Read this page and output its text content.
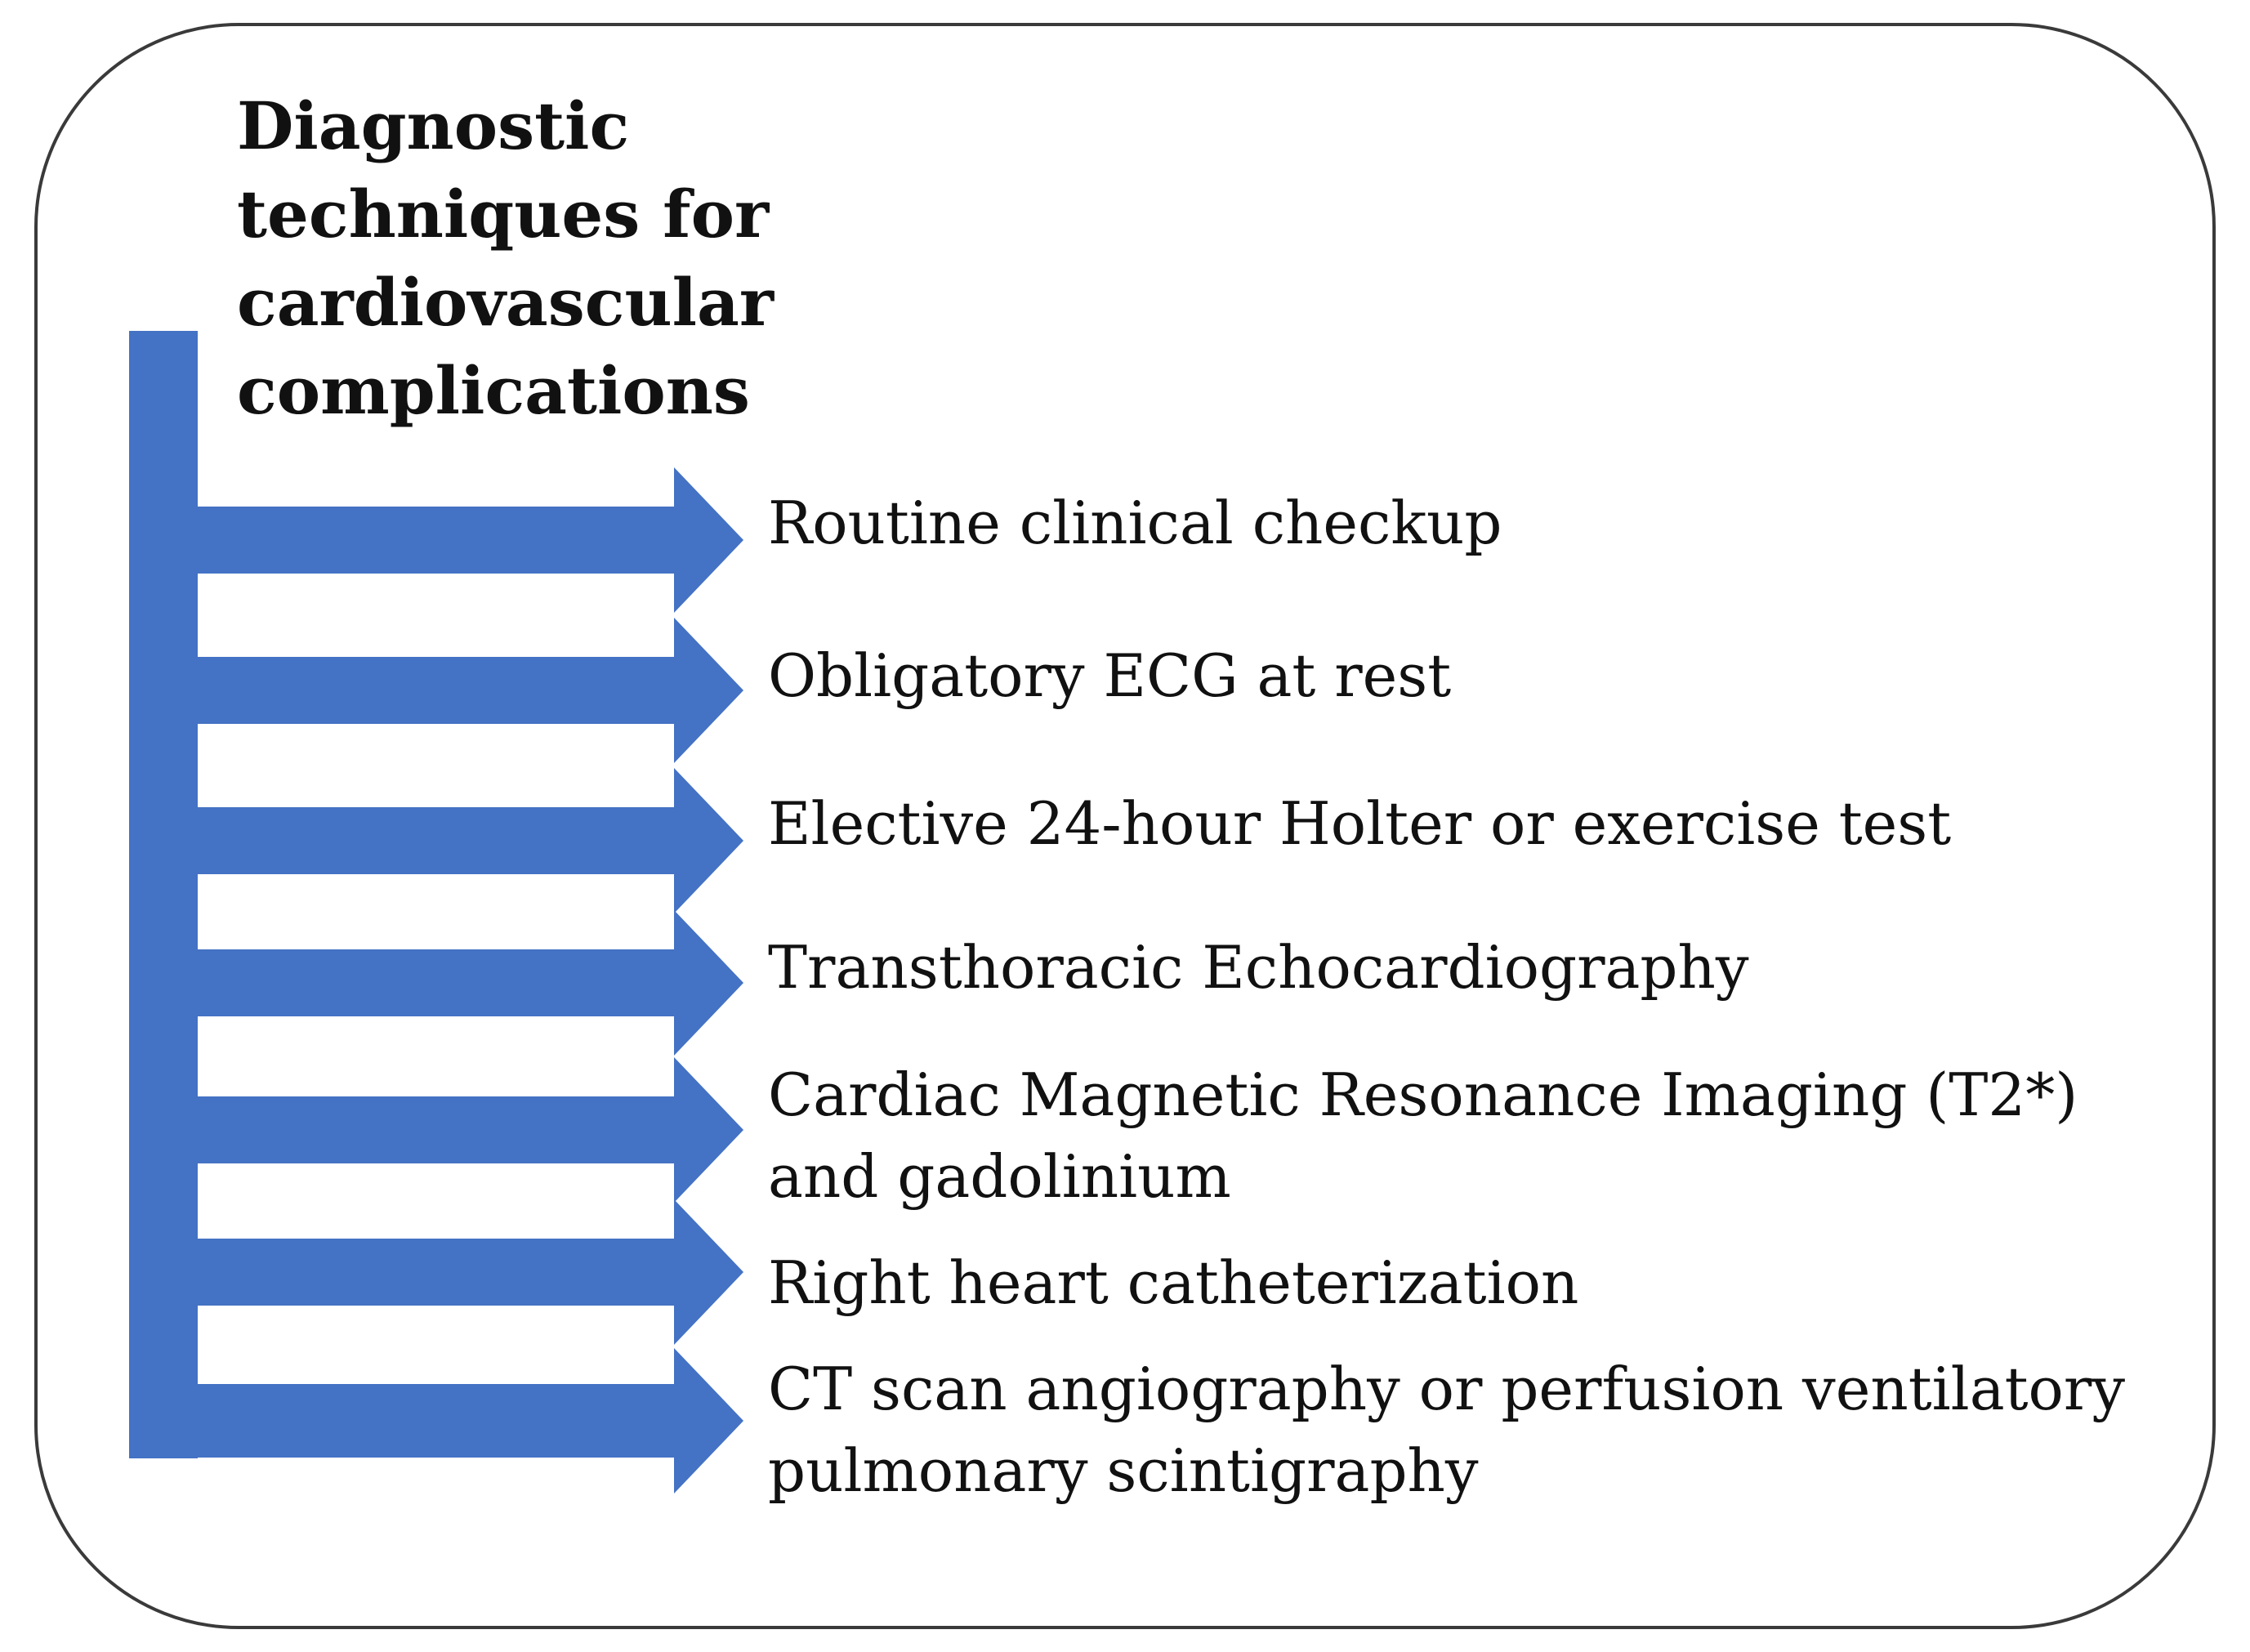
Diagnostic techniques for cardiovascular complications

Routine clinical checkup

Obligatory ECG at rest

Elective 24-hour Holter or exercise test

Transthoracic Echocardiography

Cardiac Magnetic Resonance Imaging (T2*) and gadolinium

Right heart catheterization

CT scan angiography or perfusion ventilatory pulmonary scintigraphy
